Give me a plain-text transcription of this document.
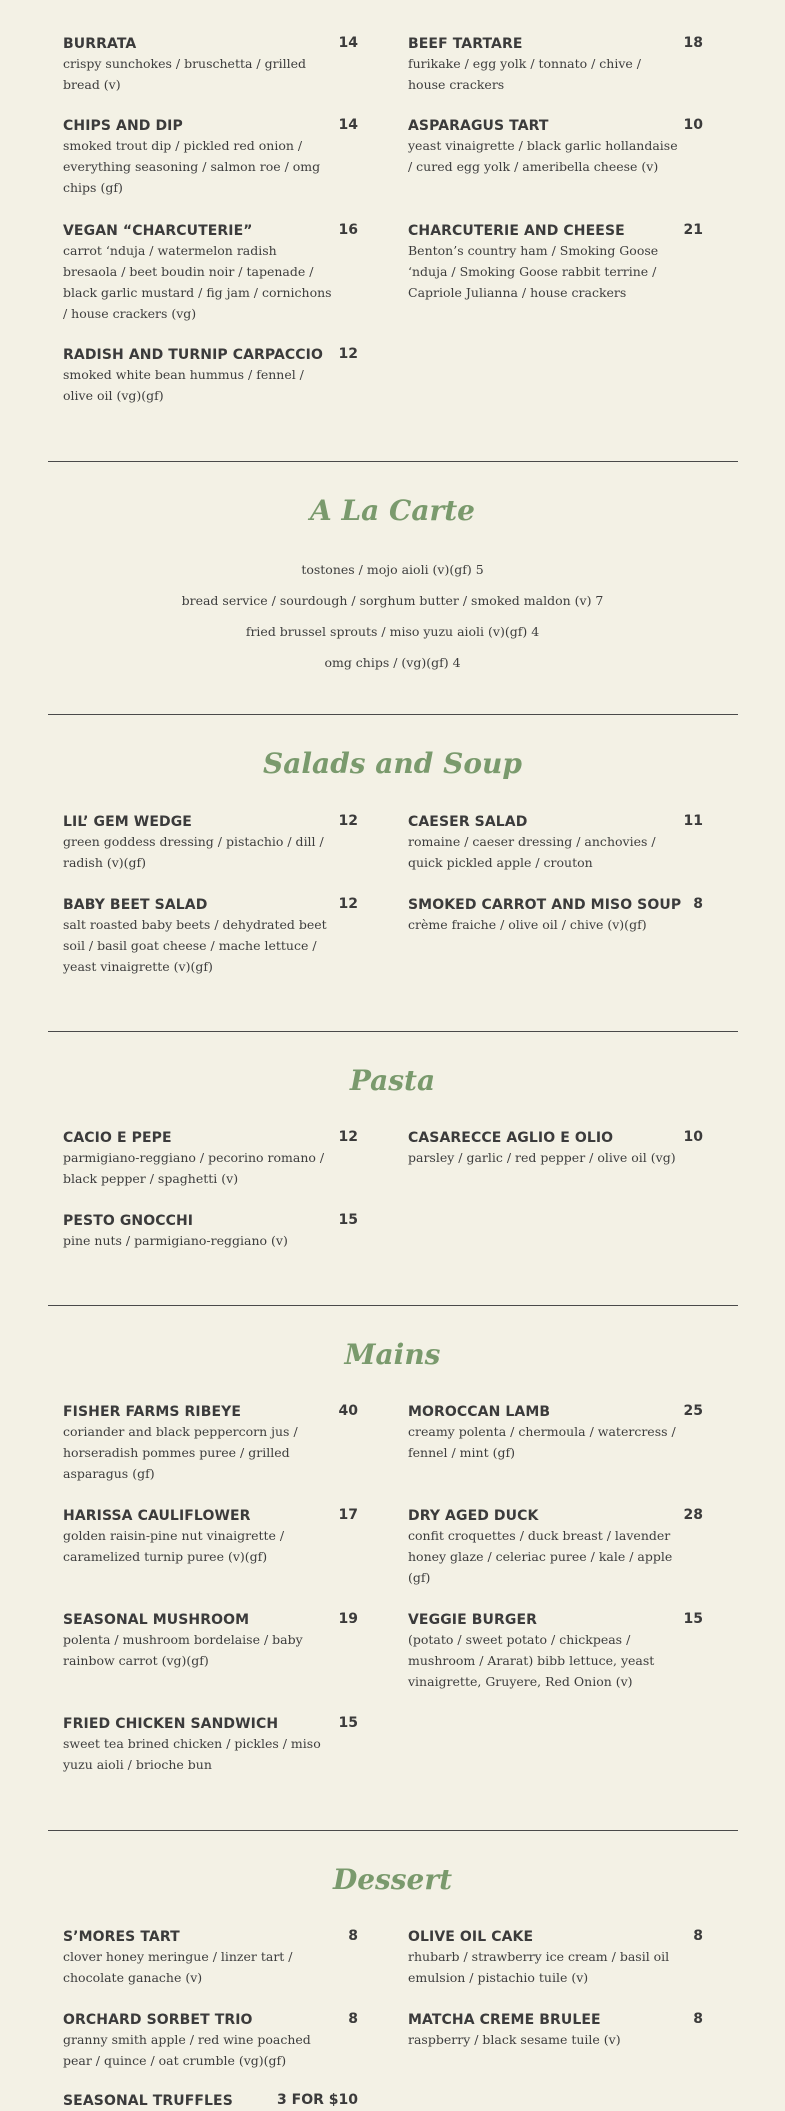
BURRATA	14
crispy sunchokes / bruschetta / grilled bread (v)
BEEF TARTARE	18
furikake / egg yolk / tonnato / chive / house crackers
CHIPS AND DIP	14
smoked trout dip / pickled red onion / everything seasoning / salmon roe / omg chips (gf)
ASPARAGUS TART	10
yeast vinaigrette / black garlic hollandaise / cured egg yolk / ameribella cheese (v)
VEGAN “CHARCUTERIE”	16
carrot ‘nduja / watermelon radish bresaola / beet boudin noir / tapenade / black garlic mustard / fig jam / cornichons / house crackers (vg)
CHARCUTERIE AND CHEESE	21
Benton’s country ham / Smoking Goose ‘nduja / Smoking Goose rabbit terrine / Capriole Julianna / house crackers
RADISH AND TURNIP CARPACCIO 12
smoked white bean hummus / fennel / olive oil (vg)(gf)
A La Carte
tostones / mojo aioli (v)(gf) 5
bread service / sourdough / sorghum butter / smoked maldon (v) 7
fried brussel sprouts / miso yuzu aioli (v)(gf) 4
omg chips / (vg)(gf) 4
Salads and Soup
LIL’ GEM WEDGE	12
green goddess dressing / pistachio / dill / radish (v)(gf)
CAESER SALAD	11
romaine / caeser dressing / anchovies / quick pickled apple / crouton
BABY BEET SALAD	12
salt roasted baby beets / dehydrated beet soil / basil goat cheese / mache lettuce / yeast vinaigrette (v)(gf)
SMOKED CARROT AND MISO SOUP 8
crème fraiche / olive oil / chive (v)(gf)
Pasta
CACIO E PEPE	12
parmigiano-reggiano / pecorino romano / black pepper / spaghetti (v)
CASARECCE AGLIO E OLIO	10
parsley / garlic / red pepper / olive oil (vg)
PESTO GNOCCHI	15
pine nuts / parmigiano-reggiano (v)
Mains
FISHER FARMS RIBEYE	40
coriander and black peppercorn jus / horseradish pommes puree / grilled asparagus (gf)
MOROCCAN LAMB	25
creamy polenta / chermoula / watercress / fennel / mint (gf)
HARISSA CAULIFLOWER	17
golden raisin-pine nut vinaigrette / caramelized turnip puree (v)(gf)
DRY AGED DUCK	28
confit croquettes / duck breast / lavender honey glaze / celeriac puree / kale / apple (gf)
SEASONAL MUSHROOM	19
polenta / mushroom bordelaise / baby rainbow carrot (vg)(gf)
VEGGIE BURGER	15
(potato / sweet potato / chickpeas / mushroom / Ararat) bibb lettuce, yeast vinaigrette, Gruyere, Red Onion (v)
FRIED CHICKEN SANDWICH	15
sweet tea brined chicken / pickles / miso yuzu aioli / brioche bun
Dessert
S’MORES TART	8
clover honey meringue / linzer tart / chocolate ganache (v)
OLIVE OIL CAKE	8
rhubarb / strawberry ice cream / basil oil emulsion / pistachio tuile (v)
ORCHARD SORBET TRIO	8
granny smith apple / red wine poached pear / quince / oat crumble (vg)(gf)
MATCHA CREME BRULEE	8
raspberry / black sesame tuile (v)
SEASONAL TRUFFLES	3 FOR $10
